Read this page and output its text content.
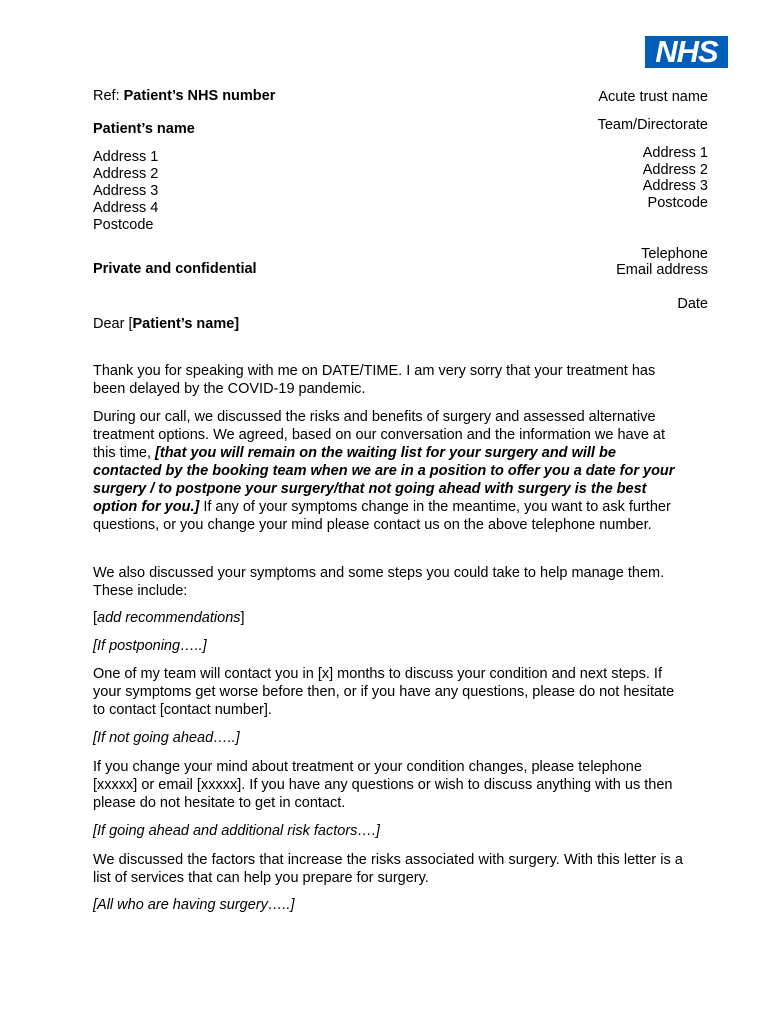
NHS
Ref: Patient’s NHS number
Patient’s name
Address 1
Address 2
Address 3
Address 4
Postcode
Private and confidential
Acute trust name
Team/Directorate
Address 1
Address 2
Address 3
Postcode
Telephone
Email address
Date
Dear [Patient’s name]

Thank you for speaking with me on DATE/TIME. I am very sorry that your treatment has been delayed by the COVID-19 pandemic.

During our call, we discussed the risks and benefits of surgery and assessed alternative treatment options. We agreed, based on our conversation and the information we have at this time, [that you will remain on the waiting list for your surgery and will be contacted by the booking team when we are in a position to offer you a date for your surgery / to postpone your surgery/that not going ahead with surgery is the best option for you.] If any of your symptoms change in the meantime, you want to ask further questions, or you change your mind please contact us on the above telephone number.

We also discussed your symptoms and some steps you could take to help manage them. These include:

[add recommendations]

[If postponing…..]

One of my team will contact you in [x] months to discuss your condition and next steps. If your symptoms get worse before then, or if you have any questions, please do not hesitate to contact [contact number].

[If not going ahead…..]

If you change your mind about treatment or your condition changes, please telephone [xxxxx] or email [xxxxx]. If you have any questions or wish to discuss anything with us then please do not hesitate to get in contact.

[If going ahead and additional risk factors….]

We discussed the factors that increase the risks associated with surgery. With this letter is a list of services that can help you prepare for surgery.

[All who are having surgery…..]
